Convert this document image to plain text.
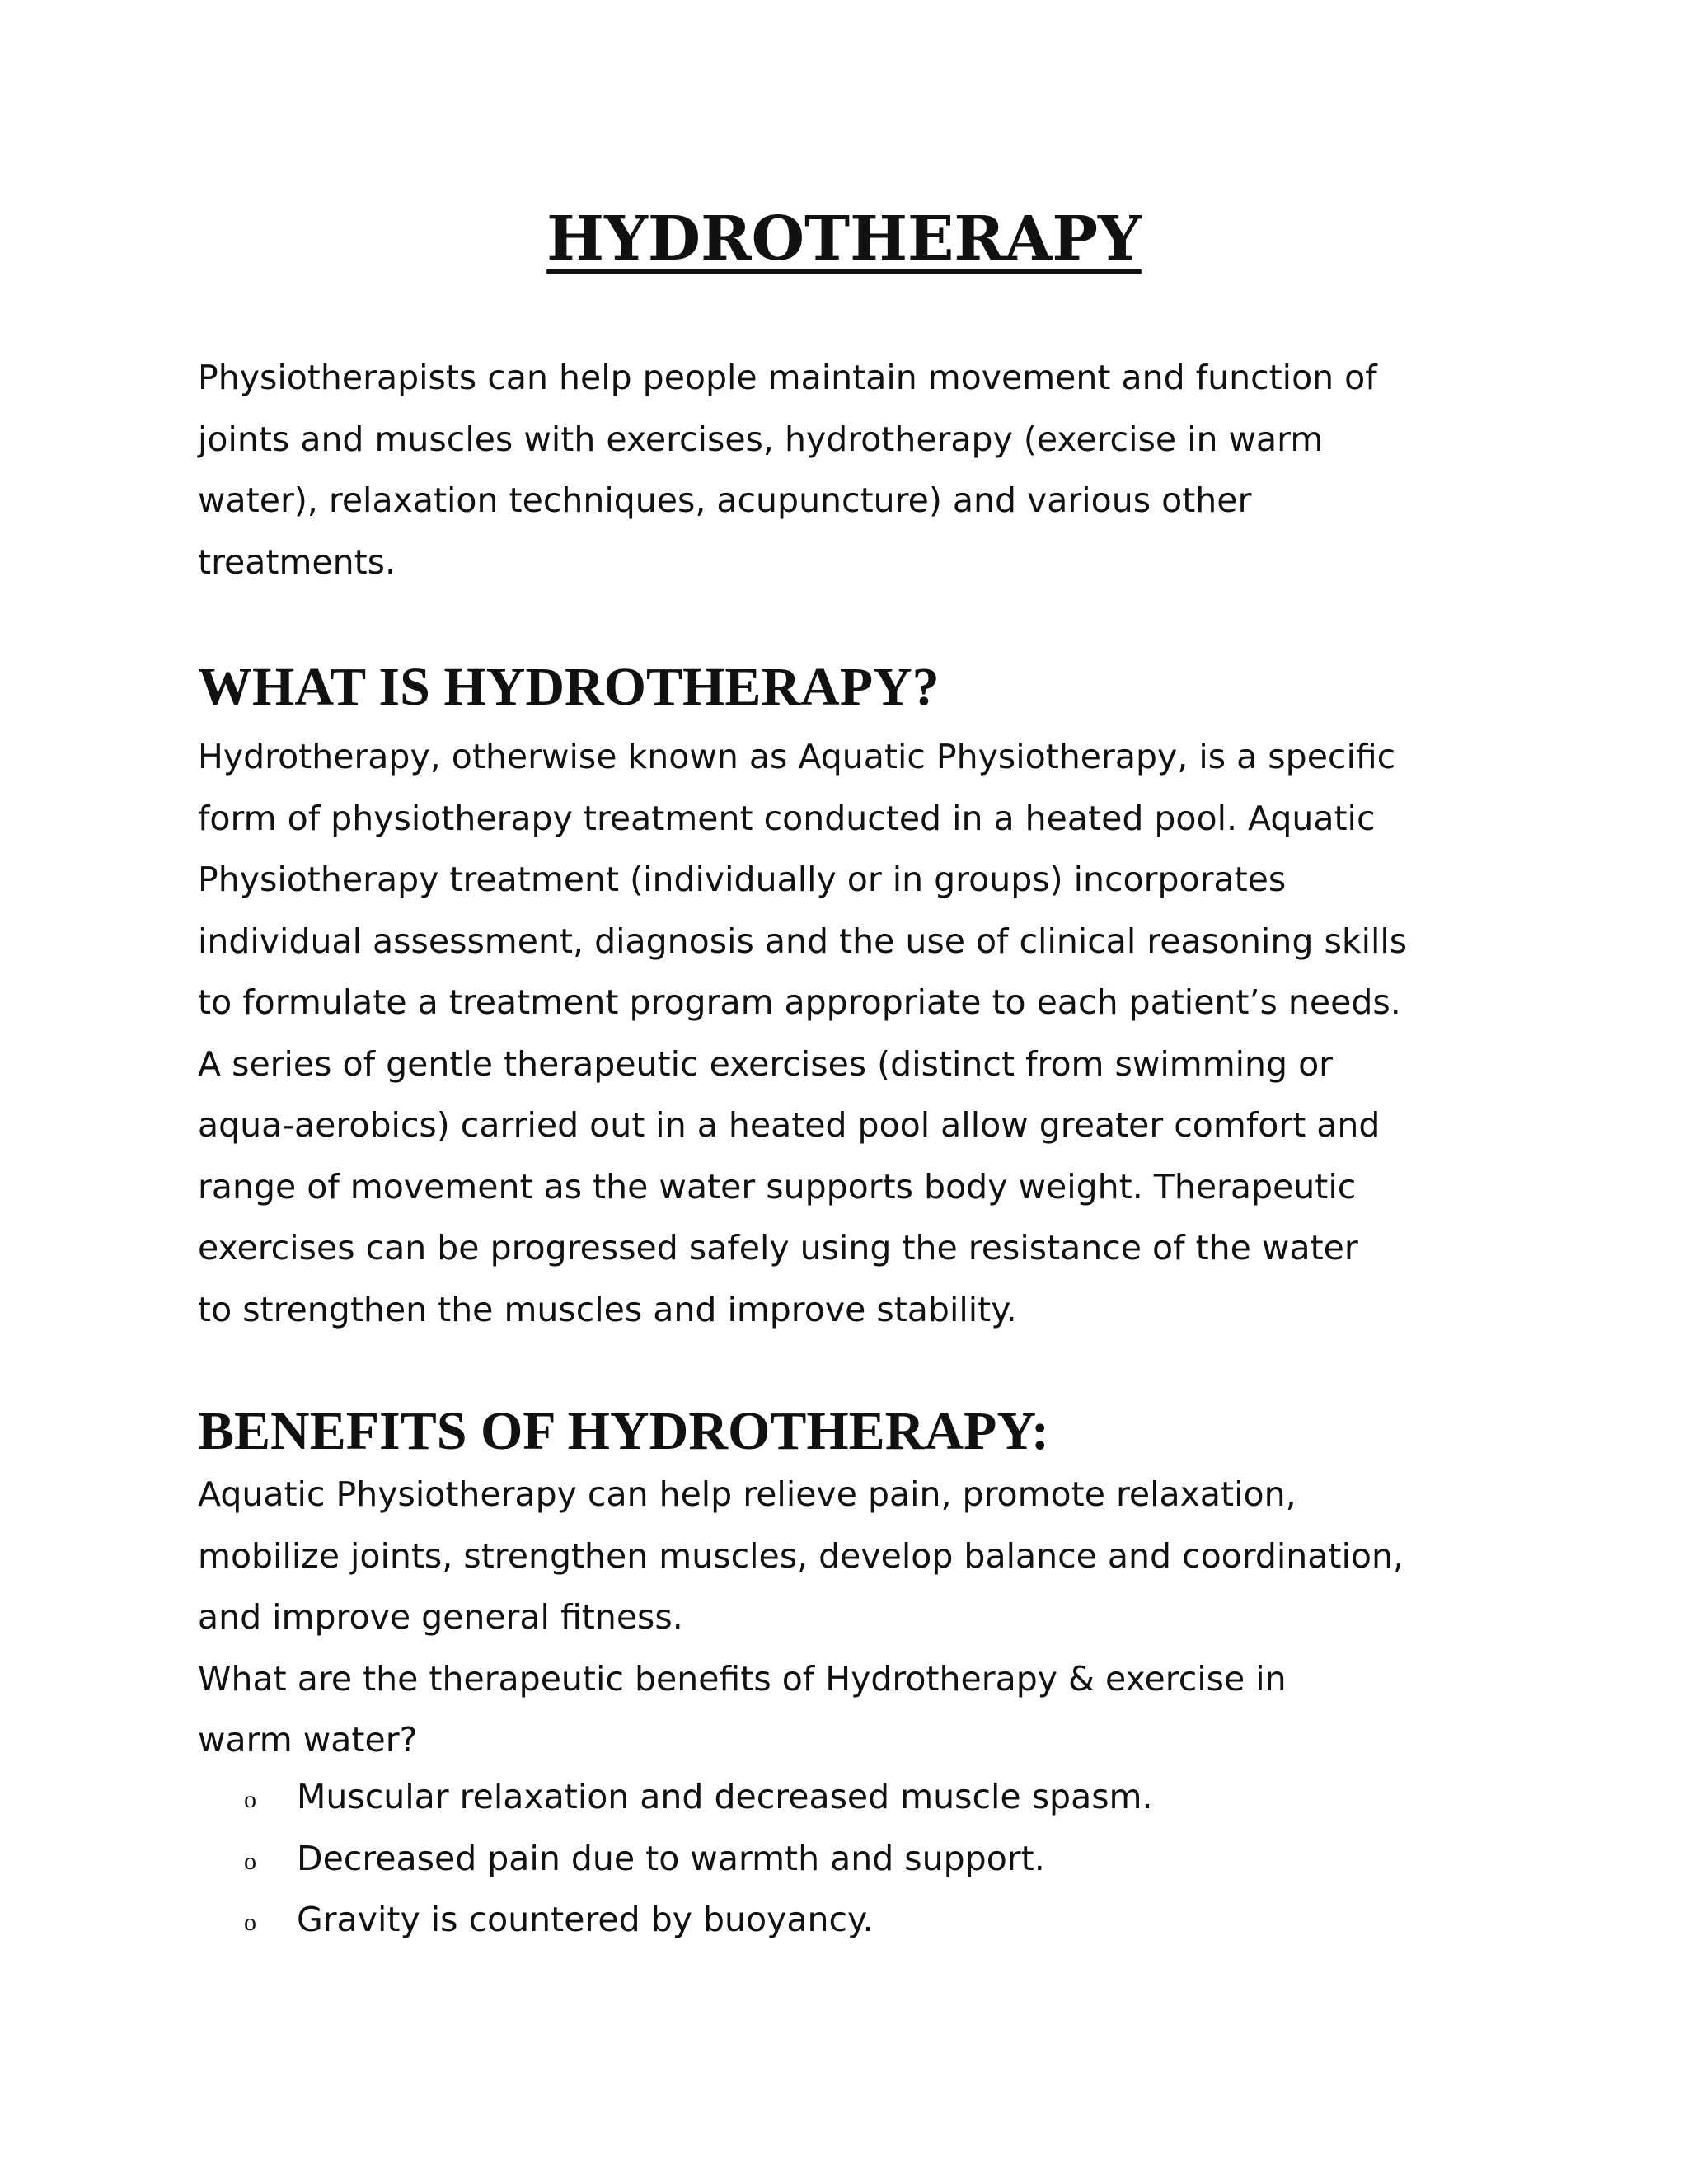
HYDROTHERAPY

Physiotherapists can help people maintain movement and function of
joints and muscles with exercises, hydrotherapy (exercise in warm
water), relaxation techniques, acupuncture) and various other
treatments.

WHAT IS HYDROTHERAPY?

Hydrotherapy, otherwise known as Aquatic Physiotherapy, is a specific
form of physiotherapy treatment conducted in a heated pool. Aquatic
Physiotherapy treatment (individually or in groups) incorporates
individual assessment, diagnosis and the use of clinical reasoning skills
to formulate a treatment program appropriate to each patient’s needs.
A series of gentle therapeutic exercises (distinct from swimming or
aqua-aerobics) carried out in a heated pool allow greater comfort and
range of movement as the water supports body weight. Therapeutic
exercises can be progressed safely using the resistance of the water
to strengthen the muscles and improve stability.

BENEFITS OF HYDROTHERAPY:

Aquatic Physiotherapy can help relieve pain, promote relaxation,
mobilize joints, strengthen muscles, develop balance and coordination,
and improve general fitness.
What are the therapeutic benefits of Hydrotherapy & exercise in
warm water?

o Muscular relaxation and decreased muscle spasm.
o Decreased pain due to warmth and support.
o Gravity is countered by buoyancy.
